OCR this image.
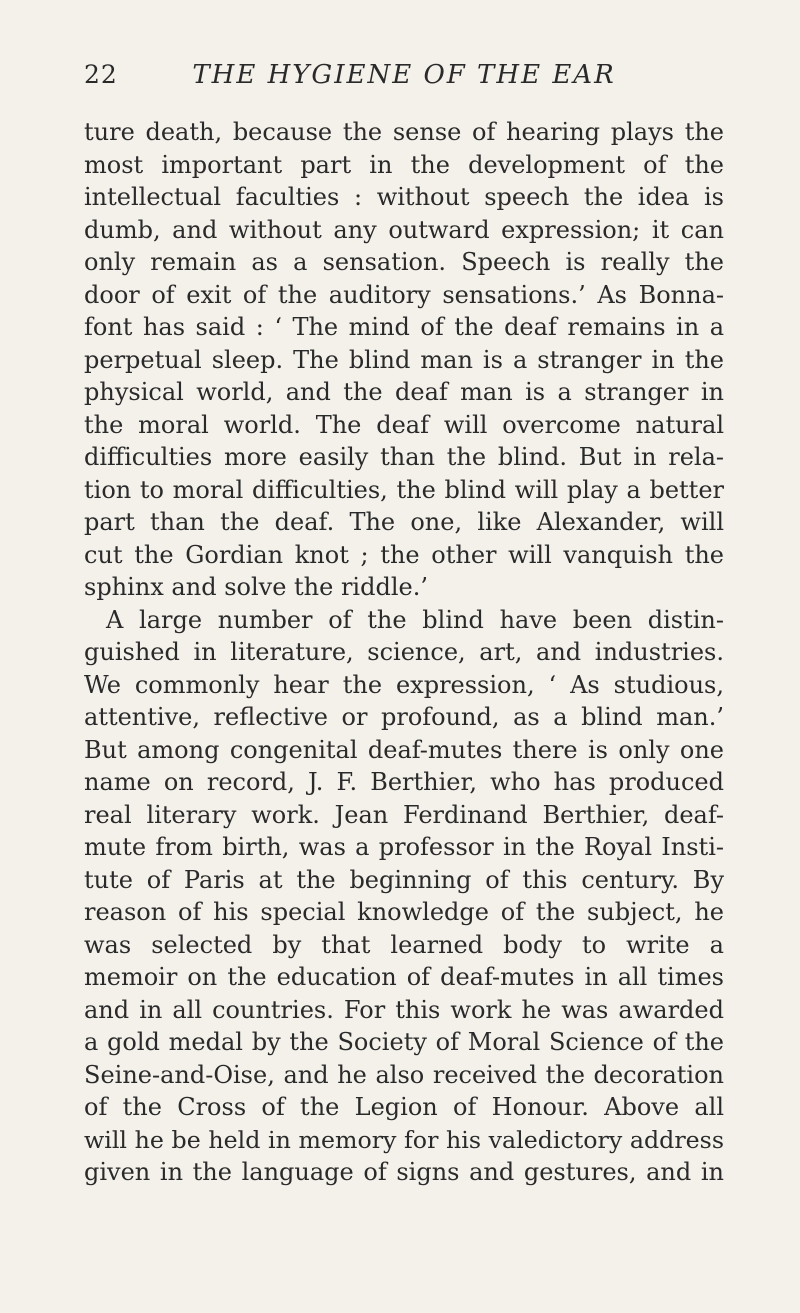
22	THE HYGIENE OF THE EAR
ture death, because the sense of hearing plays the
most important part in the development of the
intellectual faculties : without speech the idea is
dumb, and without any outward expression; it can
only remain as a sensation. Speech is really the
door of exit of the auditory sensations.’ As Bonna-
font has said : ‘ The mind of the deaf remains in a
perpetual sleep. The blind man is a stranger in the
physical world, and the deaf man is a stranger in
the moral world. The deaf will overcome natural
difficulties more easily than the blind. But in rela-
tion to moral difficulties, the blind will play a better
part than the deaf. The one, like Alexander, will
cut the Gordian knot ; the other will vanquish the
sphinx and solve the riddle.’
A large number of the blind have been distin-
guished in literature, science, art, and industries.
We commonly hear the expression, ‘ As studious,
attentive, reflective or profound, as a blind man.’
But among congenital deaf-mutes there is only one
name on record, J. F. Berthier, who has produced
real literary work. Jean Ferdinand Berthier, deaf-
mute from birth, was a professor in the Royal Insti-
tute of Paris at the beginning of this century. By
reason of his special knowledge of the subject, he
was selected by that learned body to write a
memoir on the education of deaf-mutes in all times
and in all countries. For this work he was awarded
a gold medal by the Society of Moral Science of the
Seine-and-Oise, and he also received the decoration
of the Cross of the Legion of Honour. Above all
will he be held in memory for his valedictory address
given in the language of signs and gestures, and in
